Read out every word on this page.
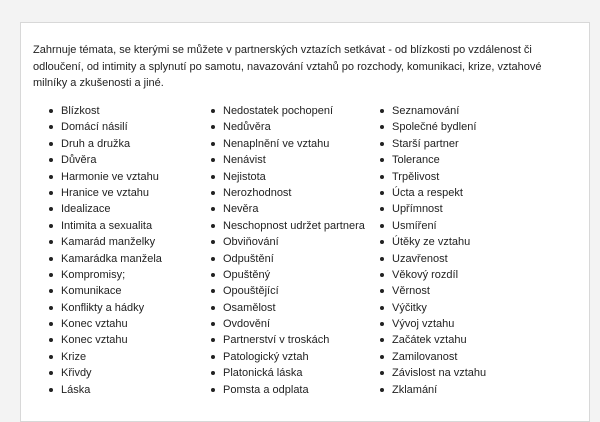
Zahrnuje témata, se kterými se můžete v partnerských vztazích setkávat - od blízkosti po vzdálenost či odloučení, od intimity a splynutí po samotu, navazování vztahů po rozchody, komunikaci, krize, vztahové milníky a zkušenosti a jiné.

Blízkost
Domácí násilí
Druh a družka
Důvěra
Harmonie ve vztahu
Hranice ve vztahu
Idealizace
Intimita a sexualita
Kamarád manželky
Kamarádka manžela
Kompromisy;
Komunikace
Konflikty a hádky
Konec vztahu
Konec vztahu
Krize
Křivdy
Láska
Nedostatek pochopení
Nedůvěra
Nenaplnění ve vztahu
Nenávist
Nejistota
Nerozhodnost
Nevěra
Neschopnost udržet partnera
Obviňování
Odpuštění
Opuštěný
Opouštějící
Osamělost
Ovdovění
Partnerství v troskách
Patologický vztah
Platonická láska
Pomsta a odplata
Seznamování
Společné bydlení
Starší partner
Tolerance
Trpělivost
Úcta a respekt
Upřímnost
Usmíření
Útěky ze vztahu
Uzavřenost
Věkový rozdíl
Věrnost
Výčitky
Vývoj vztahu
Začátek vztahu
Zamilovanost
Závislost na vztahu
Zklamání
